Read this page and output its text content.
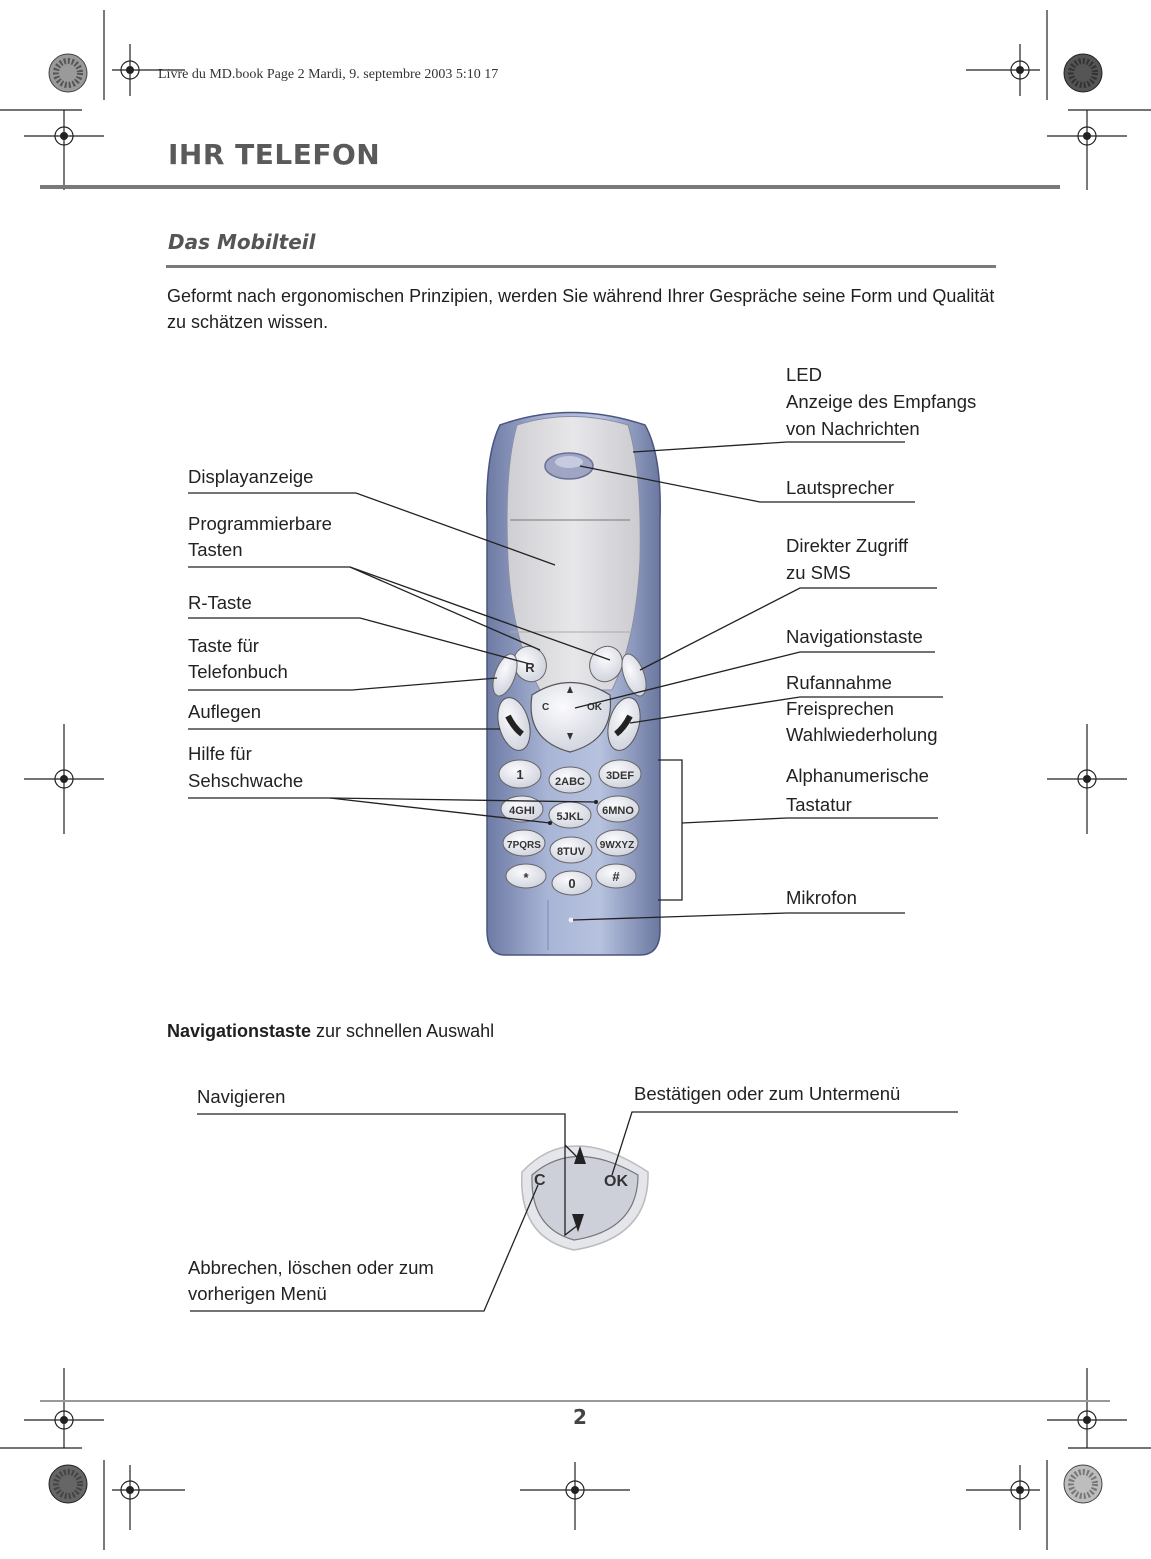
Livre du MD.book Page 2 Mardi, 9. septembre 2003 5:10 17
IHR TELEFON
Das Mobilteil
Geformt nach ergonomischen Prinzipien, werden Sie während Ihrer Gespräche seine Form und Qualität zu schätzen wissen.
R
C	OK
1	2ABC 3DEF
4GHI 5JKL 6MNO
7PQRS
8TUV
9WXYZ
*	0	#
LED
Anzeige des Empfangs
von Nachrichten
Lautsprecher
Direkter Zugriff
zu SMS
Navigationstaste
Rufannahme
Freisprechen
Wahlwiederholung
Alphanumerische
Tastatur
Mikrofon
Displayanzeige
Programmierbare
Tasten
R-Taste
Taste für
Telefonbuch
Auflegen
Hilfe für
Sehschwache
Navigationstaste zur schnellen Auswahl
C	OK
Navigieren	Bestätigen oder zum Untermenü
Abbrechen, löschen oder zum
vorherigen Menü
2
